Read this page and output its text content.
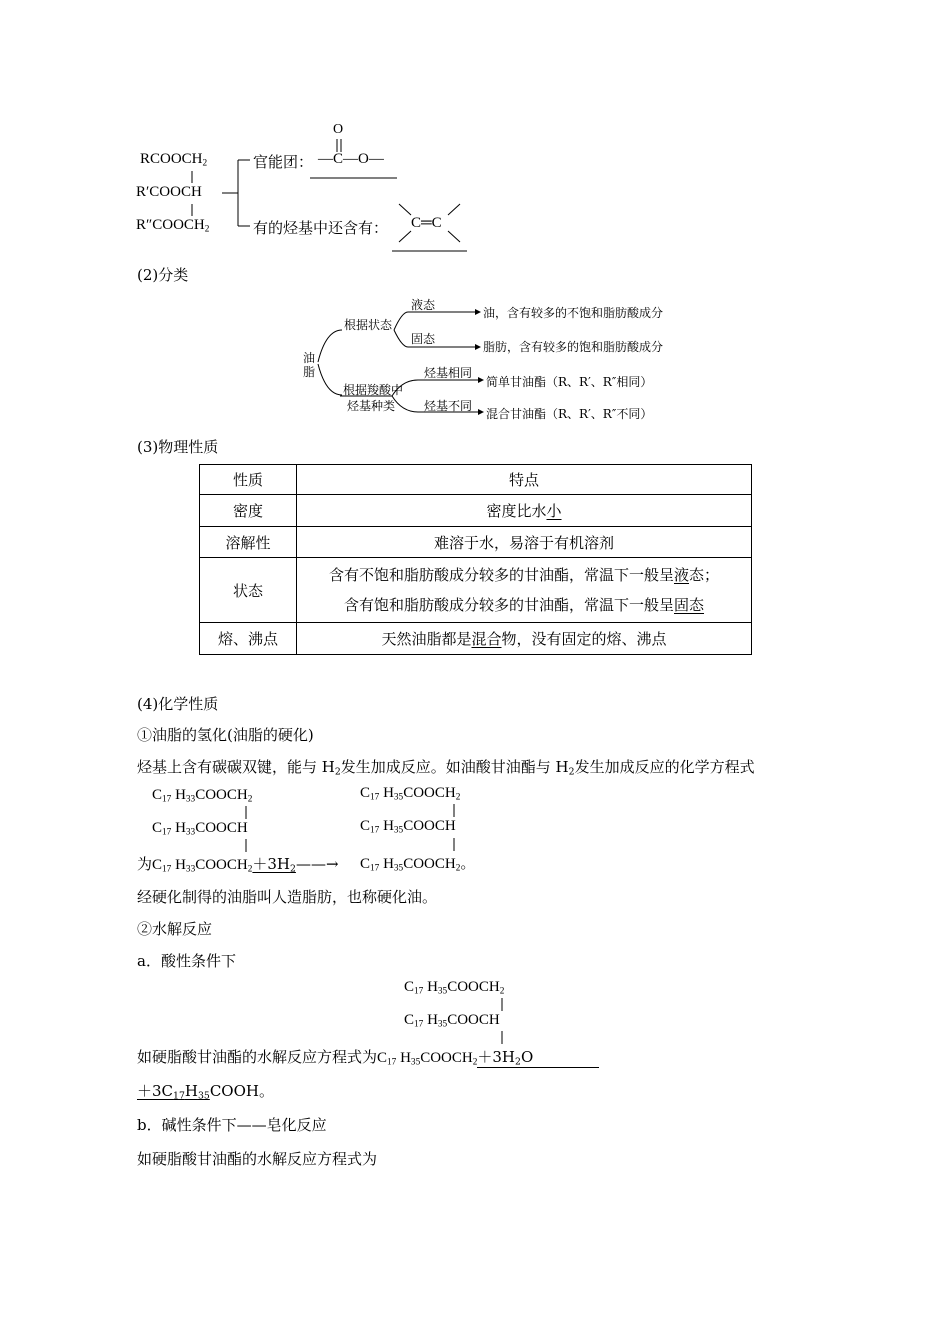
$RCOOCH_2$
R′COOCH
$R''COOCH_2$
官能团：
O
—C—O—
有的烃基中还含有： C═C
(2)分类
油
脂
根据状态
液态
油，含有较多的不饱和脂肪酸成分
固态
脂肪，含有较多的饱和脂肪酸成分
根据羧酸中
烃基种类
烃基相同
简单甘油酯（R、R′、R″相同）
烃基不同
混合甘油酯（R、R′、R″不同）
(3)物理性质
性质	特点
密度	密度比水小
溶解性	难溶于水，易溶于有机溶剂
状态	含有不饱和脂肪酸成分较多的甘油酯，常温下一般呈液态；
含有饱和脂肪酸成分较多的甘油酯，常温下一般呈固态

熔、沸点	天然油脂都是混合物，没有固定的熔、沸点
(4)化学性质
①油脂的氢化(油脂的硬化)
烃基上含有碳碳双键，能与 $H_2$发生加成反应。如油酸甘油酯与 $H_2$发生加成反应的化学方程式
$C_{17}$ $H_{33}COOCH_2$
$C_{17}$ $H_{33}COOCH$
为$C_{17}$ $H_{33}COOCH_2+3H_2——\to$
$C_{17}$ $H_{35}COOCH_2$
$C_{17}$ $H_{35}COOCH$
$C_{17}$ $H_{35}COOCH_2$。
经硬化制得的油脂叫人造脂肪，也称硬化油。
②水解反应
a．酸性条件下
$C_{17}$ $H_{35}COOCH_2$
$C_{17}$ $H_{35}COOCH$
如硬脂酸甘油酯的水解反应方程式为$C_{17}$ $H_{35}COOCH_2+3H_2O$
$+3C_{17}H_{35}COOH$。
b．碱性条件下——皂化反应
如硬脂酸甘油酯的水解反应方程式为
